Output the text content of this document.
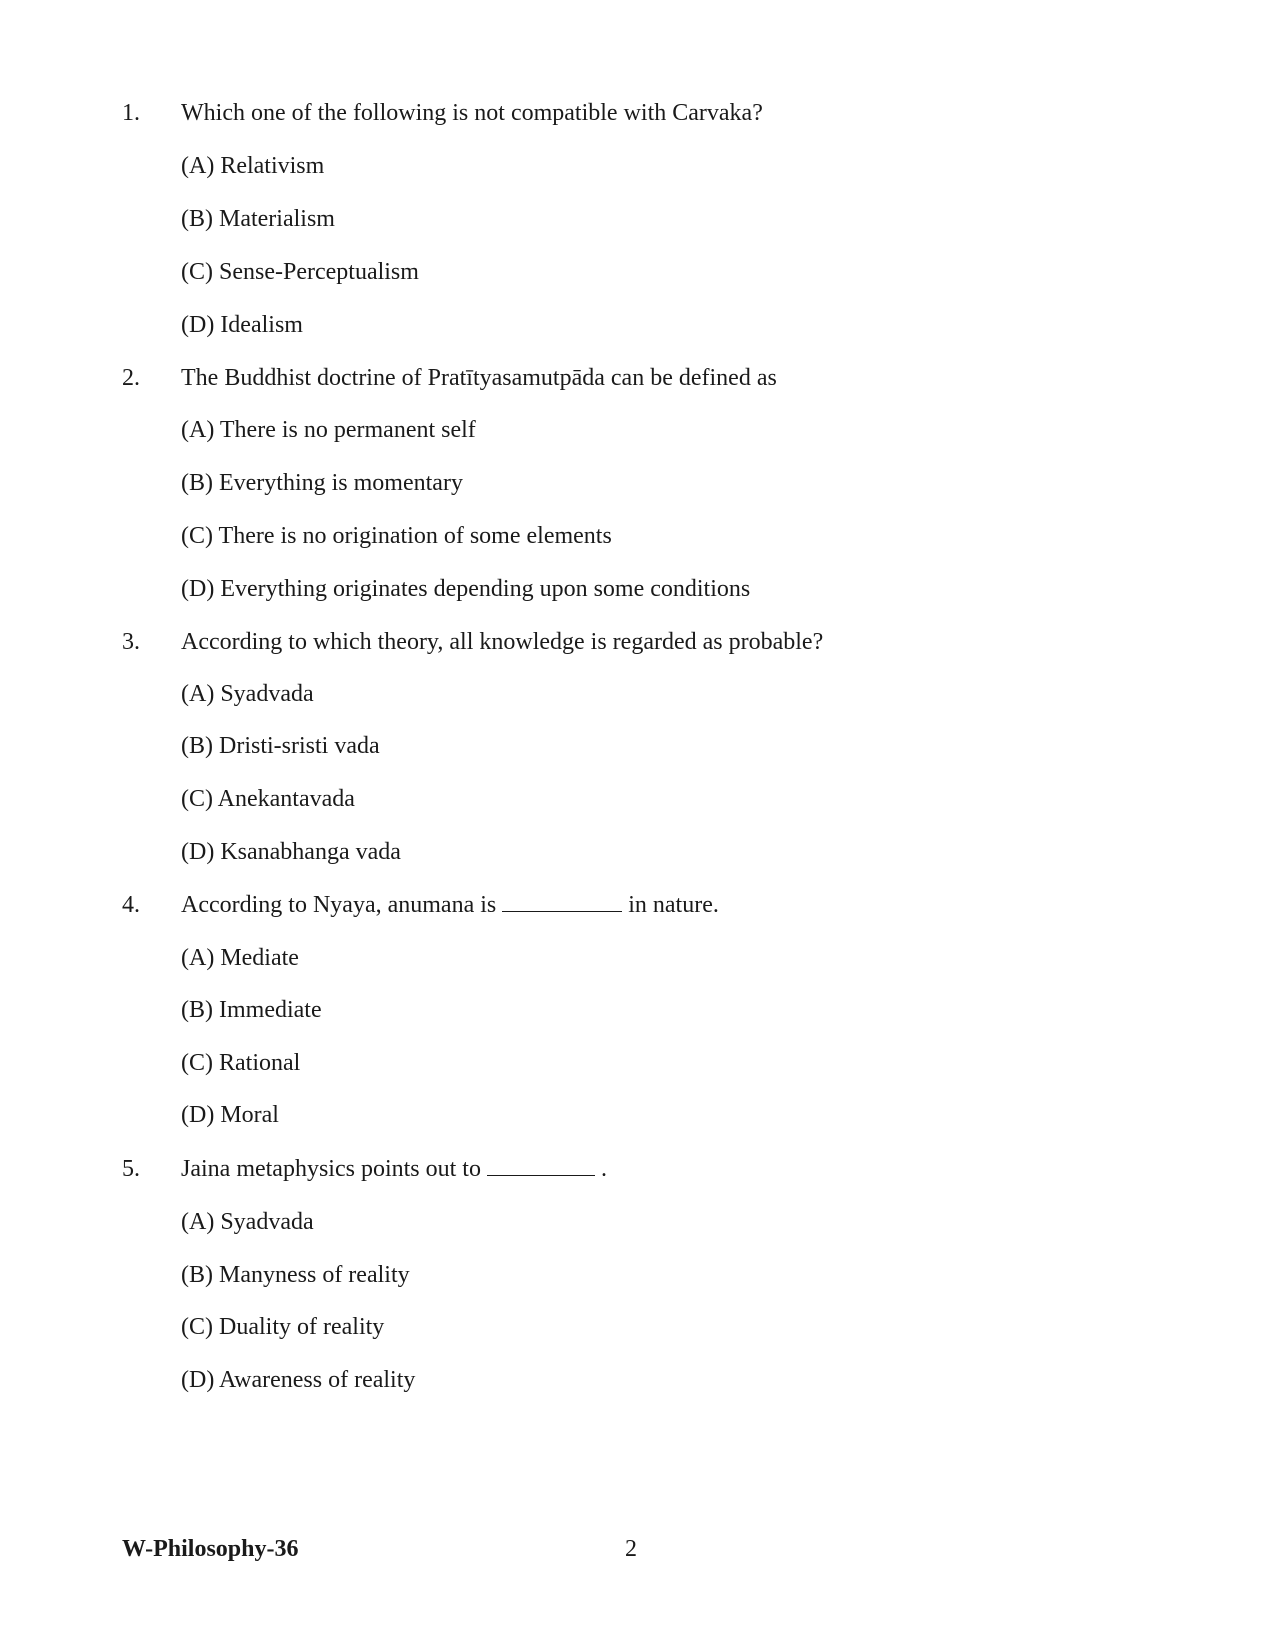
1. Which one of the following is not compatible with Carvaka?
(A) Relativism
(B) Materialism
(C) Sense-Perceptualism
(D) Idealism
2. The Buddhist doctrine of Pratītyasamutpāda can be defined as
(A) There is no permanent self
(B) Everything is momentary
(C) There is no origination of some elements
(D) Everything originates depending upon some conditions
3. According to which theory, all knowledge is regarded as probable?
(A) Syadvada
(B) Dristi-sristi vada
(C) Anekantavada
(D) Ksanabhanga vada
4. According to Nyaya, anumana is	in nature.
(A) Mediate
(B) Immediate
(C) Rational
(D) Moral
5. Jaina metaphysics points out to	.
(A) Syadvada
(B) Manyness of reality
(C) Duality of reality
(D) Awareness of reality
W-Philosophy-36	2
